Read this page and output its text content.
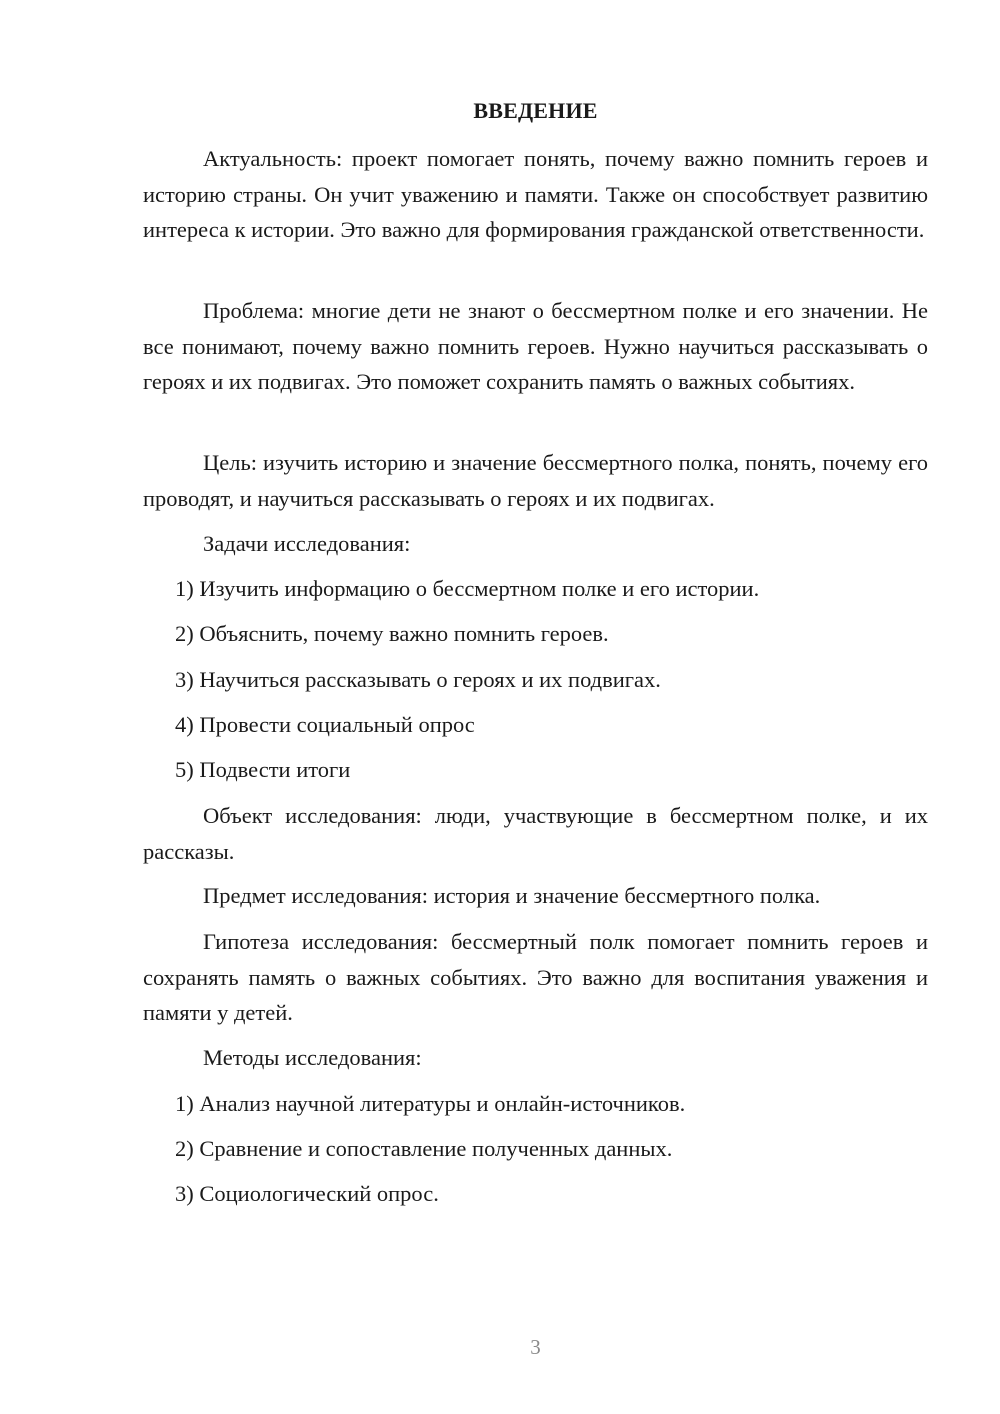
ВВЕДЕНИЕ

Актуальность: проект помогает понять, почему важно помнить героев и историю страны. Он учит уважению и памяти. Также он способствует развитию интереса к истории. Это важно для формирования гражданской ответственности.

Проблема: многие дети не знают о бессмертном полке и его значении. Не все понимают, почему важно помнить героев. Нужно научиться рассказывать о героях и их подвигах. Это поможет сохранить память о важных событиях.

Цель: изучить историю и значение бессмертного полка, понять, почему его проводят, и научиться рассказывать о героях и их подвигах.

Задачи исследования:

1) Изучить информацию о бессмертном полке и его истории.

2) Объяснить, почему важно помнить героев.

3) Научиться рассказывать о героях и их подвигах.

4) Провести социальный опрос

5) Подвести итоги

Объект исследования: люди, участвующие в бессмертном полке, и их рассказы.

Предмет исследования: история и значение бессмертного полка.

Гипотеза исследования: бессмертный полк помогает помнить героев и сохранять память о важных событиях. Это важно для воспитания уважения и памяти у детей.

Методы исследования:

1) Анализ научной литературы и онлайн-источников.

2) Сравнение и сопоставление полученных данных.

3) Социологический опрос.

3
